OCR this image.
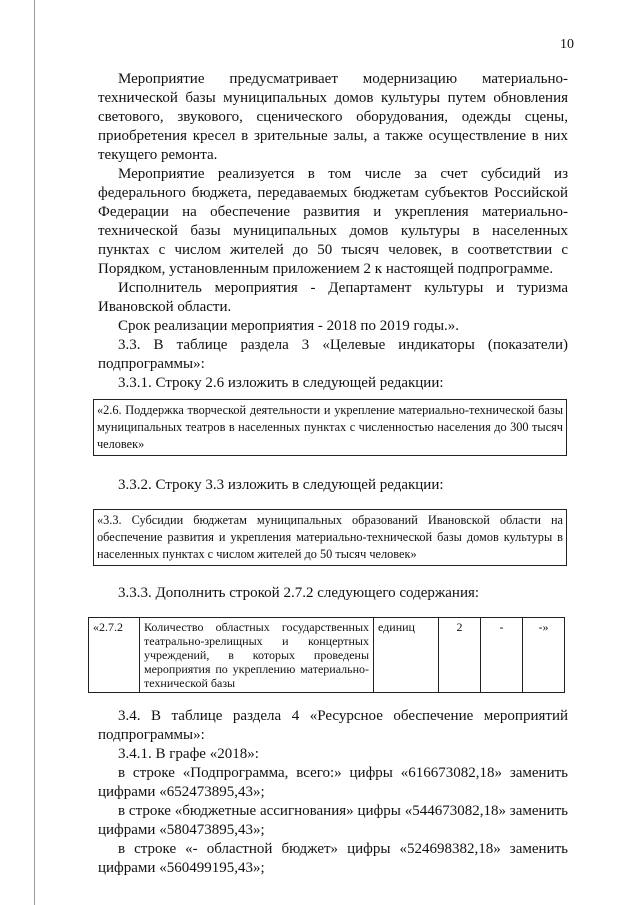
10
Мероприятие предусматривает модернизацию материально-технической базы муниципальных домов культуры путем обновления светового, звукового, сценического оборудования, одежды сцены, приобретения кресел в зрительные залы, а также осуществление в них текущего ремонта.
Мероприятие реализуется в том числе за счет субсидий из федерального бюджета, передаваемых бюджетам субъектов Российской Федерации на обеспечение развития и укрепления материально-технической базы муниципальных домов культуры в населенных пунктах с числом жителей до 50 тысяч человек, в соответствии с Порядком, установленным приложением 2 к настоящей подпрограмме.
Исполнитель мероприятия - Департамент культуры и туризма Ивановской области.
Срок реализации мероприятия - 2018 по 2019 годы.».
3.3. В таблице раздела 3 «Целевые индикаторы (показатели) подпрограммы»:
3.3.1. Строку 2.6 изложить в следующей редакции:
«2.6. Поддержка творческой деятельности и укрепление материально-технической базы муниципальных театров в населенных пунктах с численностью населения до 300 тысяч человек»
3.3.2. Строку 3.3 изложить в следующей редакции:
«3.3. Субсидии бюджетам муниципальных образований Ивановской области на обеспечение развития и укрепления материально-технической базы домов культуры в населенных пунктах с числом жителей до 50 тысяч человек»
3.3.3. Дополнить строкой 2.7.2 следующего содержания:
«2.7.2	Количество областных государственных театрально-зрелищных и концертных учреждений, в которых проведены мероприятия по укреплению материально-технической базы	единиц	2	-	-»
3.4. В таблице раздела 4 «Ресурсное обеспечение мероприятий подпрограммы»:
3.4.1. В графе «2018»:
в строке «Подпрограмма, всего:» цифры «616673082,18» заменить цифрами «652473895,43»;
в строке «бюджетные ассигнования» цифры «544673082,18» заменить цифрами «580473895,43»;
в строке «- областной бюджет» цифры «524698382,18» заменить цифрами «560499195,43»;
